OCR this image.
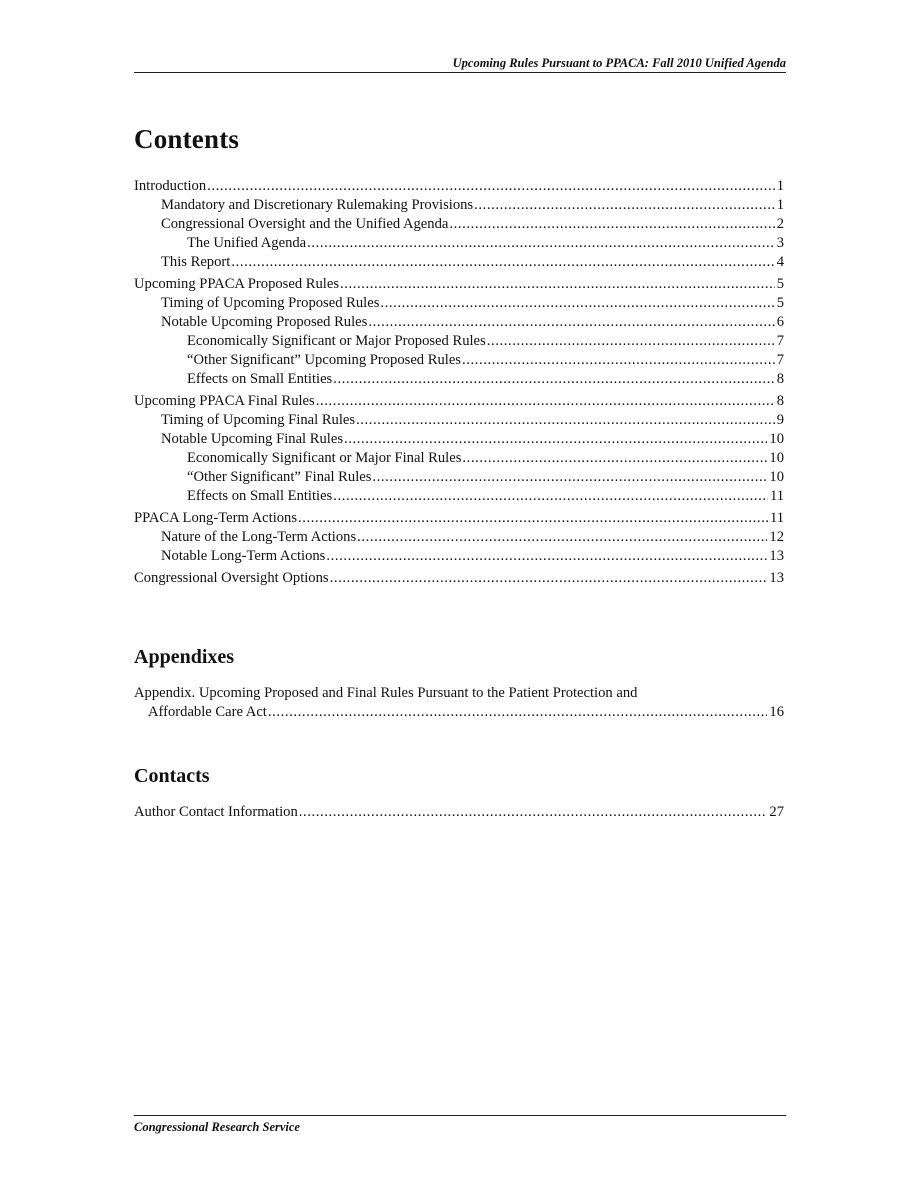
Upcoming Rules Pursuant to PPACA: Fall 2010 Unified Agenda
Contents
Introduction .....	1
Mandatory and Discretionary Rulemaking Provisions .....	1
Congressional Oversight and the Unified Agenda .....	2
The Unified Agenda .....	3
This Report .....	4
Upcoming PPACA Proposed Rules .....	5
Timing of Upcoming Proposed Rules .....	5
Notable Upcoming Proposed Rules .....	6
Economically Significant or Major Proposed Rules .....	7
“Other Significant” Upcoming Proposed Rules .....	7
Effects on Small Entities .....	8
Upcoming PPACA Final Rules .....	8
Timing of Upcoming Final Rules .....	9
Notable Upcoming Final Rules .....	10
Economically Significant or Major Final Rules .....	10
“Other Significant” Final Rules .....	10
Effects on Small Entities .....	11
PPACA Long-Term Actions .....	11
Nature of the Long-Term Actions .....	12
Notable Long-Term Actions .....	13
Congressional Oversight Options .....	13
Appendixes
Appendix. Upcoming Proposed and Final Rules Pursuant to the Patient Protection and
Affordable Care Act .....	16
Contacts
Author Contact Information .....	27
Congressional Research Service
